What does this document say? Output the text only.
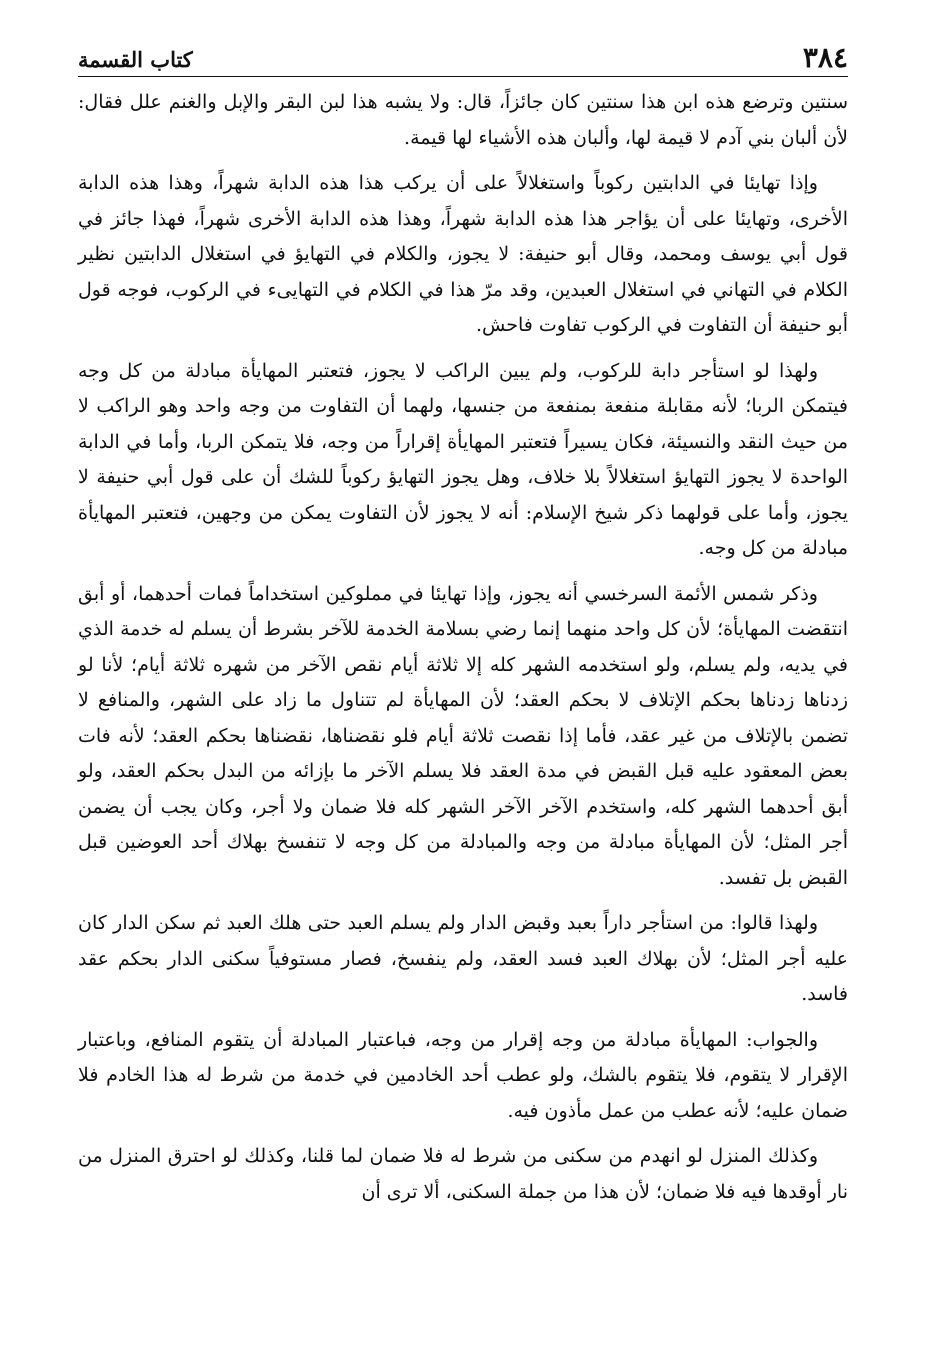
٣٨٤
كتاب القسمة

سنتين وترضع هذه ابن هذا سنتين كان جائزاً، قال: ولا يشبه هذا لبن البقر والإبل والغنم علل فقال: لأن ألبان بني آدم لا قيمة لها، وألبان هذه الأشياء لها قيمة.

وإذا تهايئا في الدابتين ركوباً واستغلالاً على أن يركب هذا هذه الدابة شهراً، وهذا هذه الدابة الأخرى، وتهايئا على أن يؤاجر هذا هذه الدابة شهراً، وهذا هذه الدابة الأخرى شهراً، فهذا جائز في قول أبي يوسف ومحمد، وقال أبو حنيفة: لا يجوز، والكلام في التهايؤ في استغلال الدابتين نظير الكلام في التهاني في استغلال العبدين، وقد مرّ هذا في الكلام في التهايىء في الركوب، فوجه قول أبو حنيفة أن التفاوت في الركوب تفاوت فاحش.

ولهذا لو استأجر دابة للركوب، ولم يبين الراكب لا يجوز، فتعتبر المهايأة مبادلة من كل وجه فيتمكن الربا؛ لأنه مقابلة منفعة بمنفعة من جنسها، ولهما أن التفاوت من وجه واحد وهو الراكب لا من حيث النقد والنسيئة، فكان يسيراً فتعتبر المهايأة إقراراً من وجه، فلا يتمكن الربا، وأما في الدابة الواحدة لا يجوز التهايؤ استغلالاً بلا خلاف، وهل يجوز التهايؤ ركوباً للشك أن على قول أبي حنيفة لا يجوز، وأما على قولهما ذكر شيخ الإسلام: أنه لا يجوز لأن التفاوت يمكن من وجهين، فتعتبر المهايأة مبادلة من كل وجه.

وذكر شمس الأئمة السرخسي أنه يجوز، وإذا تهايئا في مملوكين استخداماً فمات أحدهما، أو أبق انتقضت المهايأة؛ لأن كل واحد منهما إنما رضي بسلامة الخدمة للآخر بشرط أن يسلم له خدمة الذي في يديه، ولم يسلم، ولو استخدمه الشهر كله إلا ثلاثة أيام نقص الآخر من شهره ثلاثة أيام؛ لأنا لو زدناها زدناها بحكم الإتلاف لا بحكم العقد؛ لأن المهايأة لم تتناول ما زاد على الشهر، والمنافع لا تضمن بالإتلاف من غير عقد، فأما إذا نقصت ثلاثة أيام فلو نقضناها، نقضناها بحكم العقد؛ لأنه فات بعض المعقود عليه قبل القبض في مدة العقد فلا يسلم الآخر ما بإزائه من البدل بحكم العقد، ولو أبق أحدهما الشهر كله، واستخدم الآخر الآخر الشهر كله فلا ضمان ولا أجر، وكان يجب أن يضمن أجر المثل؛ لأن المهايأة مبادلة من وجه والمبادلة من كل وجه لا تنفسخ بهلاك أحد العوضين قبل القبض بل تفسد.

ولهذا قالوا: من استأجر داراً بعبد وقبض الدار ولم يسلم العبد حتى هلك العبد ثم سكن الدار كان عليه أجر المثل؛ لأن بهلاك العبد فسد العقد، ولم ينفسخ، فصار مستوفياً سكنى الدار بحكم عقد فاسد.

والجواب: المهايأة مبادلة من وجه إقرار من وجه، فباعتبار المبادلة أن يتقوم المنافع، وباعتبار الإقرار لا يتقوم، فلا يتقوم بالشك، ولو عطب أحد الخادمين في خدمة من شرط له هذا الخادم فلا ضمان عليه؛ لأنه عطب من عمل مأذون فيه.

وكذلك المنزل لو انهدم من سكنى من شرط له فلا ضمان لما قلنا، وكذلك لو احترق المنزل من نار أوقدها فيه فلا ضمان؛ لأن هذا من جملة السكنى، ألا ترى أن
